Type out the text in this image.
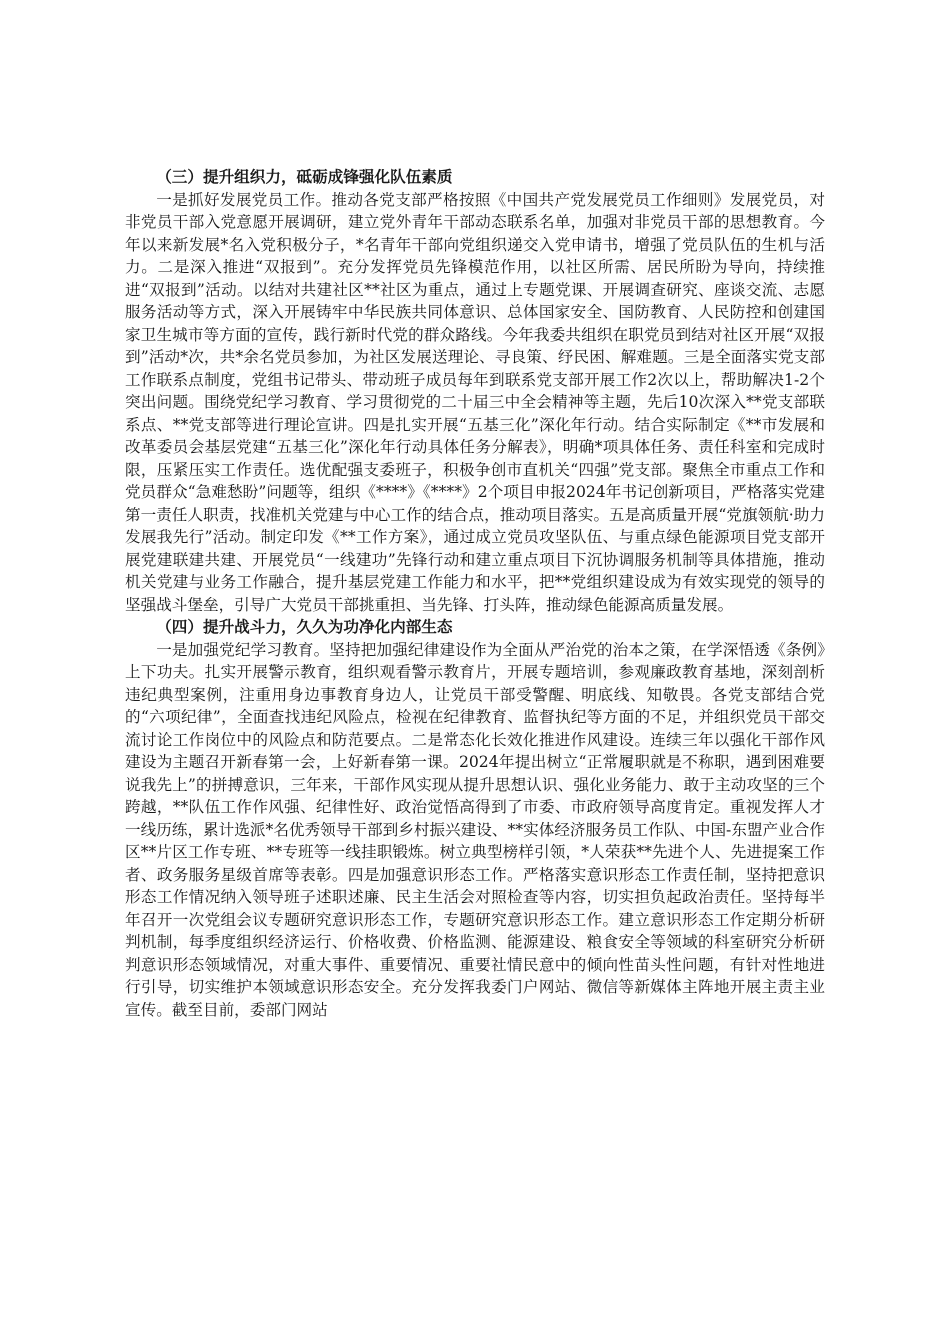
（三）提升组织力，砥砺成锋强化队伍素质

一是抓好发展党员工作。推动各党支部严格按照《中国共产党发展党员工作细则》发展党员，对非党员干部入党意愿开展调研，建立党外青年干部动态联系名单，加强对非党员干部的思想教育。今年以来新发展*名入党积极分子，*名青年干部向党组织递交入党申请书，增强了党员队伍的生机与活力。二是深入推进“双报到”。充分发挥党员先锋模范作用，以社区所需、居民所盼为导向，持续推进“双报到”活动。以结对共建社区**社区为重点，通过上专题党课、开展调查研究、座谈交流、志愿服务活动等方式，深入开展铸牢中华民族共同体意识、总体国家安全、国防教育、人民防控和创建国家卫生城市等方面的宣传，践行新时代党的群众路线。今年我委共组织在职党员到结对社区开展“双报到”活动*次，共*余名党员参加，为社区发展送理论、寻良策、纾民困、解难题。三是全面落实党支部工作联系点制度，党组书记带头、带动班子成员每年到联系党支部开展工作2次以上，帮助解决1-2个突出问题。围绕党纪学习教育、学习贯彻党的二十届三中全会精神等主题，先后10次深入**党支部联系点、**党支部等进行理论宣讲。四是扎实开展“五基三化”深化年行动。结合实际制定《**市发展和改革委员会基层党建“五基三化”深化年行动具体任务分解表》，明确*项具体任务、责任科室和完成时限，压紧压实工作责任。选优配强支委班子，积极争创市直机关“四强”党支部。聚焦全市重点工作和党员群众“急难愁盼”问题等，组织《****》《****》2个项目申报2024年书记创新项目，严格落实党建第一责任人职责，找准机关党建与中心工作的结合点，推动项目落实。五是高质量开展“党旗领航·助力发展我先行”活动。制定印发《**工作方案》，通过成立党员攻坚队伍、与重点绿色能源项目党支部开展党建联建共建、开展党员“一线建功”先锋行动和建立重点项目下沉协调服务机制等具体措施，推动机关党建与业务工作融合，提升基层党建工作能力和水平，把**党组织建设成为有效实现党的领导的坚强战斗堡垒，引导广大党员干部挑重担、当先锋、打头阵，推动绿色能源高质量发展。

（四）提升战斗力，久久为功净化内部生态

一是加强党纪学习教育。坚持把加强纪律建设作为全面从严治党的治本之策，在学深悟透《条例》上下功夫。扎实开展警示教育，组织观看警示教育片，开展专题培训，参观廉政教育基地，深刻剖析违纪典型案例，注重用身边事教育身边人，让党员干部受警醒、明底线、知敬畏。各党支部结合党的“六项纪律”，全面查找违纪风险点，检视在纪律教育、监督执纪等方面的不足，并组织党员干部交流讨论工作岗位中的风险点和防范要点。二是常态化长效化推进作风建设。连续三年以强化干部作风建设为主题召开新春第一会，上好新春第一课。2024年提出树立“正常履职就是不称职，遇到困难要说我先上”的拼搏意识，三年来，干部作风实现从提升思想认识、强化业务能力、敢于主动攻坚的三个跨越，**队伍工作作风强、纪律性好、政治觉悟高得到了市委、市政府领导高度肯定。重视发挥人才一线历练，累计选派*名优秀领导干部到乡村振兴建设、**实体经济服务员工作队、中国-东盟产业合作区**片区工作专班、**专班等一线挂职锻炼。树立典型榜样引领，*人荣获**先进个人、先进提案工作者、政务服务星级首席等表彰。四是加强意识形态工作。严格落实意识形态工作责任制，坚持把意识形态工作情况纳入领导班子述职述廉、民主生活会对照检查等内容，切实担负起政治责任。坚持每半年召开一次党组会议专题研究意识形态工作，专题研究意识形态工作。建立意识形态工作定期分析研判机制，每季度组织经济运行、价格收费、价格监测、能源建设、粮食安全等领域的科室研究分析研判意识形态领域情况，对重大事件、重要情况、重要社情民意中的倾向性苗头性问题，有针对性地进行引导，切实维护本领域意识形态安全。充分发挥我委门户网站、微信等新媒体主阵地开展主责主业宣传。截至目前，委部门网站
